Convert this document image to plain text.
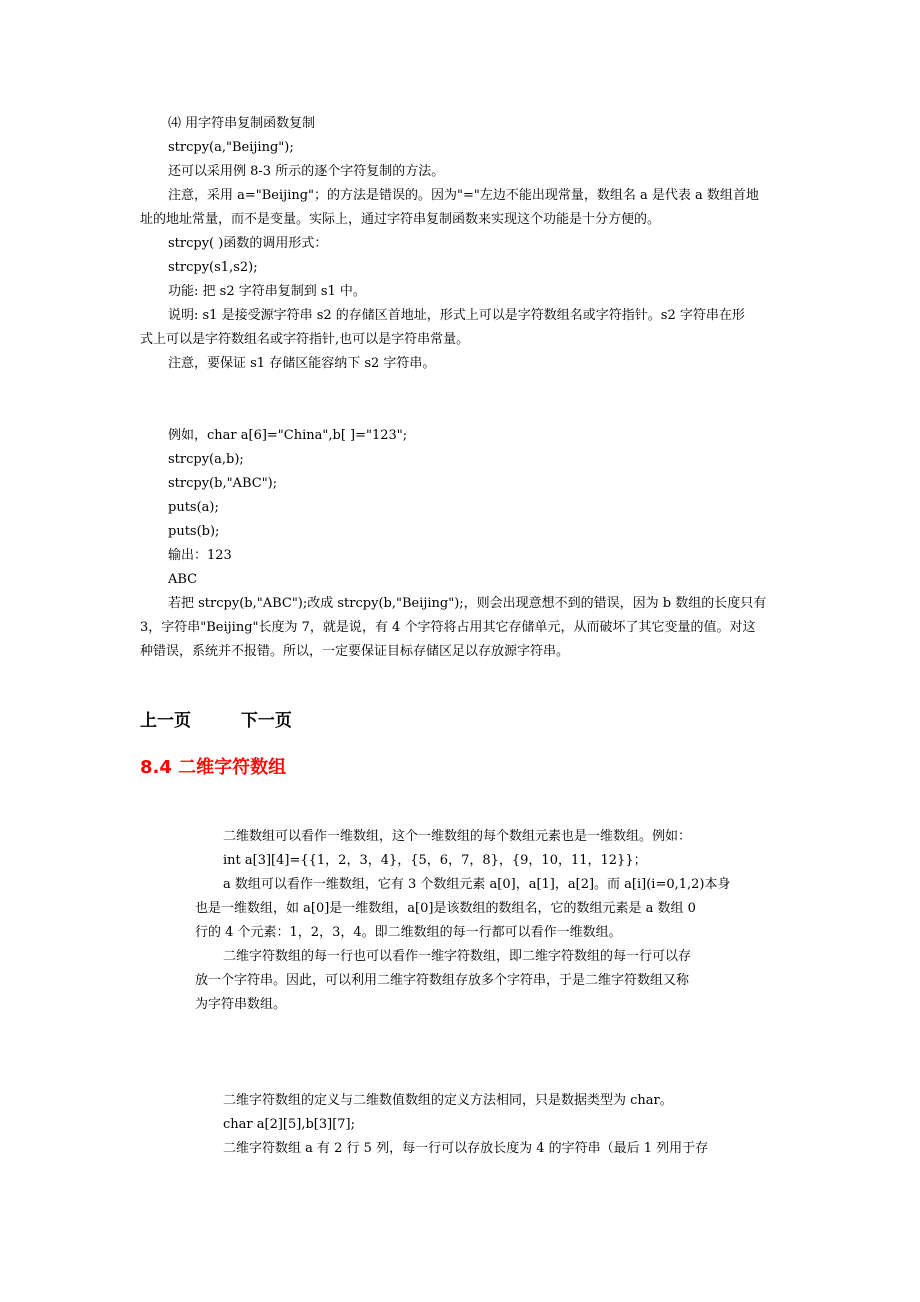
⑷ 用字符串复制函数复制
strcpy(a,"Beijing");
还可以采用例 8-3 所示的逐个字符复制的方法。
注意，采用 a="Beijing"；的方法是错误的。因为"="左边不能出现常量，数组名 a 是代表 a 数组首地
址的地址常量，而不是变量。实际上，通过字符串复制函数来实现这个功能是十分方便的。
strcpy( )函数的调用形式：
strcpy(s1,s2);
功能: 把 s2 字符串复制到 s1 中。
说明: s1 是接受源字符串 s2 的存储区首地址，形式上可以是字符数组名或字符指针。s2 字符串在形
式上可以是字符数组名或字符指针,也可以是字符串常量。
注意，要保证 s1 存储区能容纳下 s2 字符串。
例如，char a[6]="China",b[ ]="123";
strcpy(a,b);
strcpy(b,"ABC");
puts(a);
puts(b);
输出：123
ABC
若把 strcpy(b,"ABC");改成 strcpy(b,"Beijing");，则会出现意想不到的错误，因为 b 数组的长度只有
3，字符串"Beijing"长度为 7，就是说，有 4 个字符将占用其它存储单元，从而破坏了其它变量的值。对这
种错误，系统并不报错。所以，一定要保证目标存储区足以存放源字符串。
上一页	下一页
8.4 二维字符数组
二维数组可以看作一维数组，这个一维数组的每个数组元素也是一维数组。例如：
int a[3][4]={{1，2，3，4}，{5，6，7，8}，{9，10，11，12}}；
a 数组可以看作一维数组，它有 3 个数组元素 a[0]，a[1]，a[2]。而 a[i](i=0,1,2)本身
也是一维数组，如 a[0]是一维数组，a[0]是该数组的数组名，它的数组元素是 a 数组 0
行的 4 个元素：1，2，3，4。即二维数组的每一行都可以看作一维数组。
二维字符数组的每一行也可以看作一维字符数组，即二维字符数组的每一行可以存
放一个字符串。因此，可以利用二维字符数组存放多个字符串，于是二维字符数组又称
为字符串数组。
二维字符数组的定义与二维数值数组的定义方法相同，只是数据类型为 char。
char a[2][5],b[3][7];
二维字符数组 a 有 2 行 5 列，每一行可以存放长度为 4 的字符串（最后 1 列用于存
